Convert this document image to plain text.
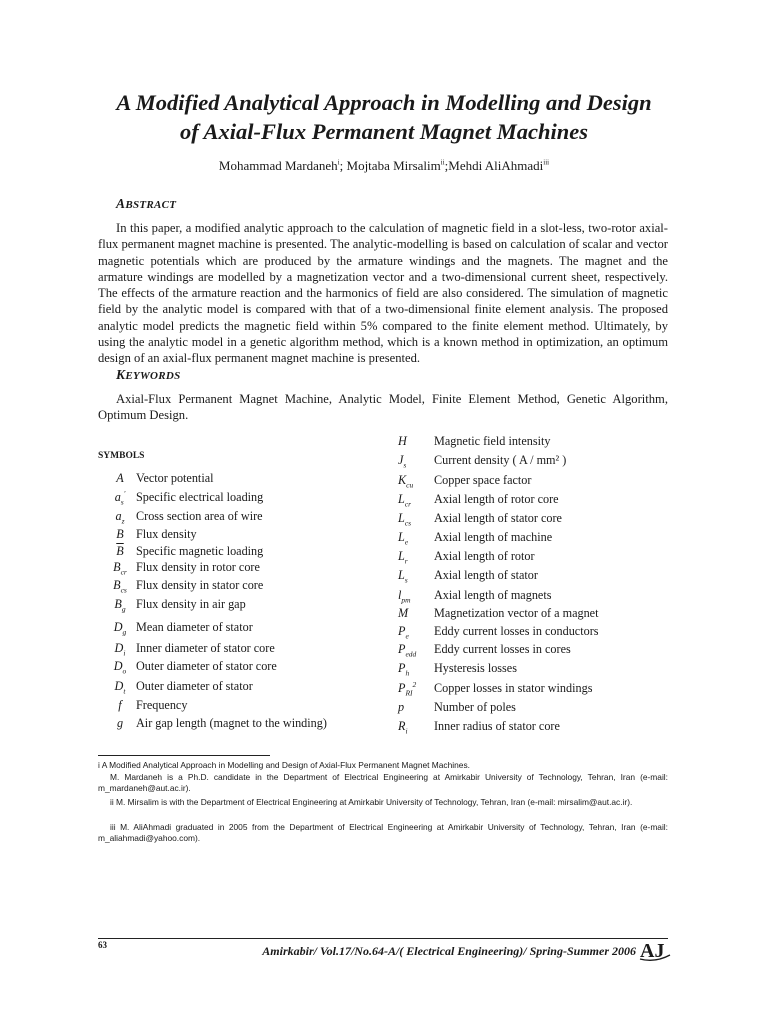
A Modified Analytical Approach in Modelling and Design
of Axial-Flux Permanent Magnet Machines
Mohammad Mardaneh$^i$; Mojtaba Mirsalim$^{ii}$;Mehdi AliAhmadi$^{iii}$
ABSTRACT

In this paper, a modified analytic approach to the calculation of magnetic field in a slot-less, two-rotor axial-flux permanent magnet machine is presented. The analytic-modelling is based on calculation of scalar and vector magnetic potentials which are produced by the armature windings and the magnets. The magnet and the armature windings are modelled by a magnetization vector and a two-dimensional current sheet, respectively. The effects of the armature reaction and the harmonics of field are also considered. The simulation of magnetic field by the analytic model is compared with that of a two-dimensional finite element analysis. The proposed analytic model predicts the magnetic field within 5% compared to the finite element method. Ultimately, by using the analytic model in a genetic algorithm method, which is a known method in optimization, an optimum design of an axial-flux permanent magnet machine is presented.

KEYWORDS

Axial-Flux Permanent Magnet Machine, Analytic Model, Finite Element Method, Genetic Algorithm, Optimum Design.

SYMBOLS
A Vector potential
$a_s'$ Specific electrical loading
$a_z$ Cross section area of wire
B Flux density
$\overline{B}$ Specific magnetic loading
$B_{cr}$ Flux density in rotor core
$B_{cs}$ Flux density in stator core
$B_g$ Flux density in air gap
$D_g$ Mean diameter of stator
$D_i$ Inner diameter of stator core
$D_o$ Outer diameter of stator core
$D_t$ Outer diameter of stator
f Frequency
g Air gap length (magnet to the winding)
H Magnetic field intensity
$J_s$ Current density ( A / mm² )
$K_{cu}$ Copper space factor
$L_{cr}$ Axial length of rotor core
$L_{cs}$ Axial length of stator core
$L_e$ Axial length of machine
$L_r$ Axial length of rotor
$L_s$ Axial length of stator
$l_{pm}$ Axial length of magnets
M Magnetization vector of a magnet
$P_e$ Eddy current losses in conductors
$P_{edd}$ Eddy current losses in cores
$P_h$ Hysteresis losses
$P_{RI}^2$ Copper losses in stator windings
p Number of poles
$R_i$ Inner radius of stator core

i A Modified Analytical Approach in Modelling and Design of Axial-Flux Permanent Magnet Machines.

M. Mardaneh is a Ph.D. candidate in the Department of Electrical Engineering at Amirkabir University of Technology, Tehran, Iran (e-mail: m_mardaneh@aut.ac.ir).

ii M. Mirsalim is with the Department of Electrical Engineering at Amirkabir University of Technology, Tehran, Iran (e-mail: mirsalim@aut.ac.ir).

iii M. AliAhmadi graduated in 2005 from the Department of Electrical Engineering at Amirkabir University of Technology, Tehran, Iran (e-mail: m_aliahmadi@yahoo.com).

63	Amirkabir/ Vol.17/No.64-A/( Electrical Engineering)/ Spring-Summer 2006 AJ
